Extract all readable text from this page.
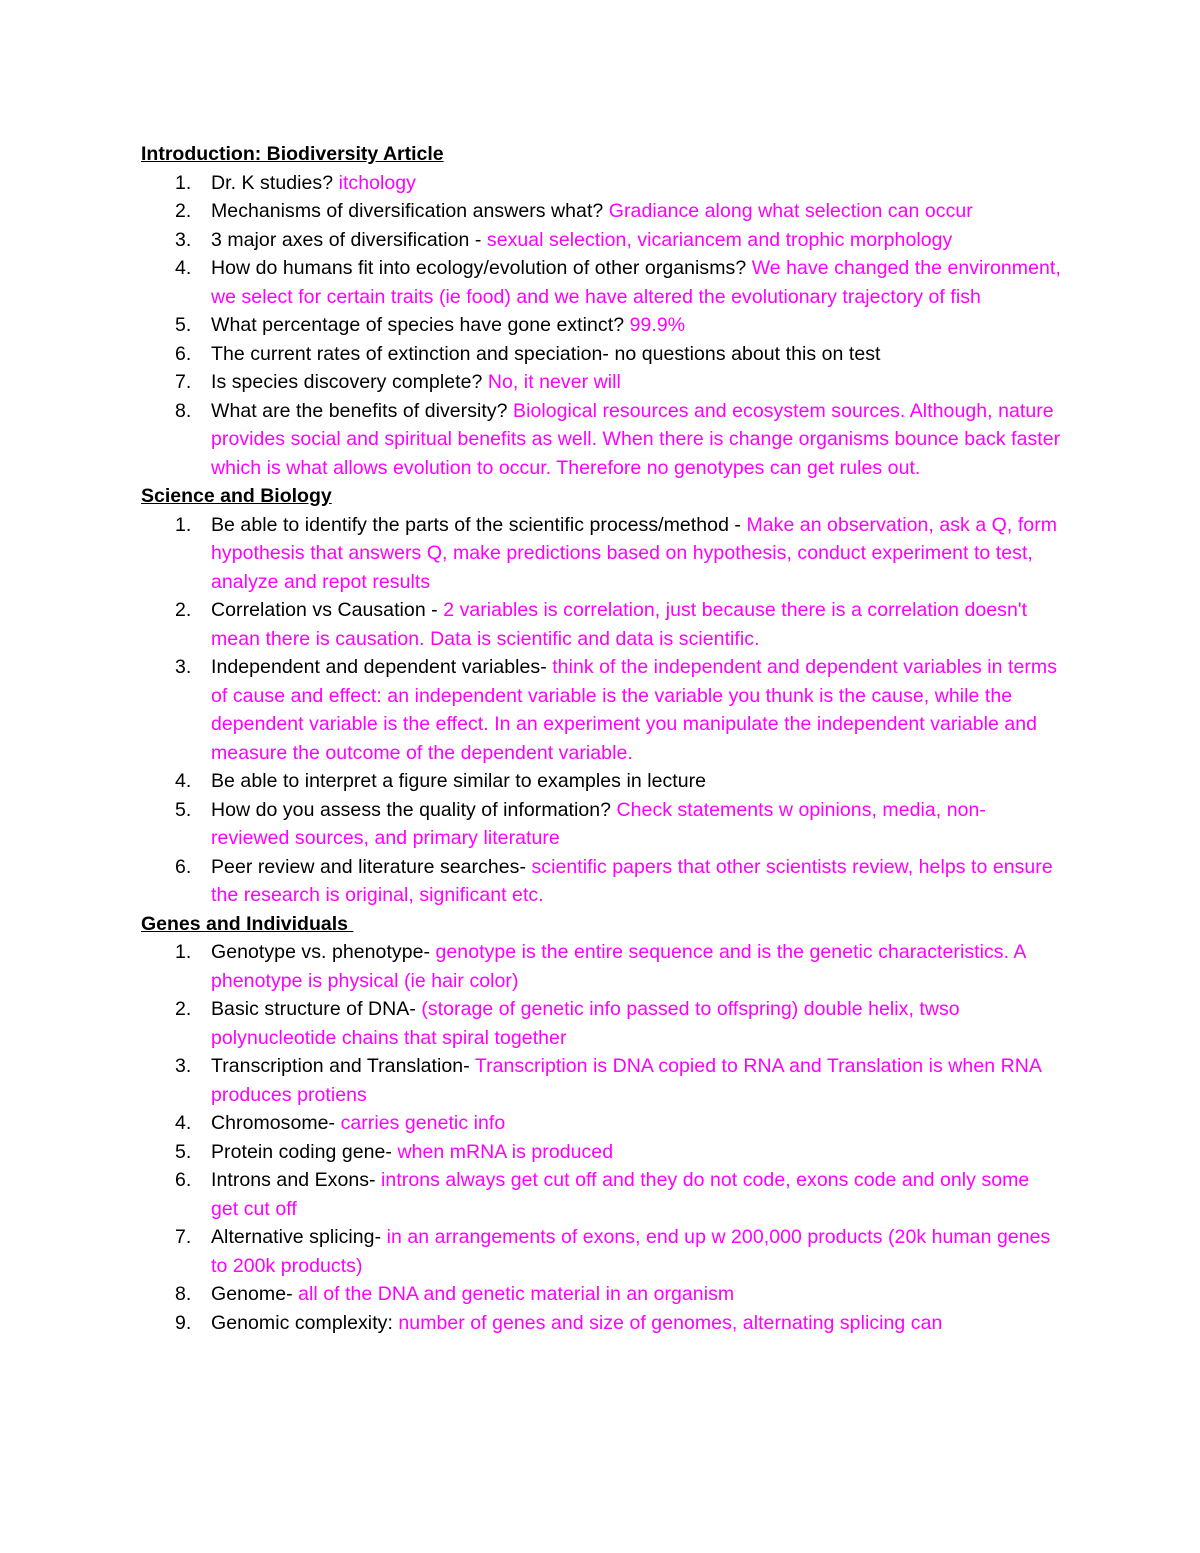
Introduction: Biodiversity Article

1. Dr. K studies? itchology
2. Mechanisms of diversification answers what? Gradiance along what selection can occur
3. 3 major axes of diversification - sexual selection, vicariancem and trophic morphology
4. How do humans fit into ecology/evolution of other organisms? We have changed the environment, we select for certain traits (ie food) and we have altered the evolutionary trajectory of fish
5. What percentage of species have gone extinct? 99.9%
6. The current rates of extinction and speciation- no questions about this on test
7. Is species discovery complete? No, it never will
8. What are the benefits of diversity? Biological resources and ecosystem sources. Although, nature provides social and spiritual benefits as well. When there is change organisms bounce back faster which is what allows evolution to occur. Therefore no genotypes can get rules out.

Science and Biology

1. Be able to identify the parts of the scientific process/method - Make an observation, ask a Q, form hypothesis that answers Q, make predictions based on hypothesis, conduct experiment to test, analyze and repot results
2. Correlation vs Causation - 2 variables is correlation, just because there is a correlation doesn't mean there is causation. Data is scientific and data is scientific.
3. Independent and dependent variables- think of the independent and dependent variables in terms of cause and effect: an independent variable is the variable you thunk is the cause, while the dependent variable is the effect. In an experiment you manipulate the independent variable and measure the outcome of the dependent variable.
4. Be able to interpret a figure similar to examples in lecture
5. How do you assess the quality of information? Check statements w opinions, media, non-reviewed sources, and primary literature
6. Peer review and literature searches- scientific papers that other scientists review, helps to ensure the research is original, significant etc.

Genes and Individuals

1. Genotype vs. phenotype- genotype is the entire sequence and is the genetic characteristics. A phenotype is physical (ie hair color)
2. Basic structure of DNA- (storage of genetic info passed to offspring) double helix, twso polynucleotide chains that spiral together
3. Transcription and Translation- Transcription is DNA copied to RNA and Translation is when RNA produces protiens
4. Chromosome- carries genetic info
5. Protein coding gene- when mRNA is produced
6. Introns and Exons- introns always get cut off and they do not code, exons code and only some get cut off
7. Alternative splicing- in an arrangements of exons, end up w 200,000 products (20k human genes to 200k products)
8. Genome- all of the DNA and genetic material in an organism
9. Genomic complexity: number of genes and size of genomes, alternating splicing can
